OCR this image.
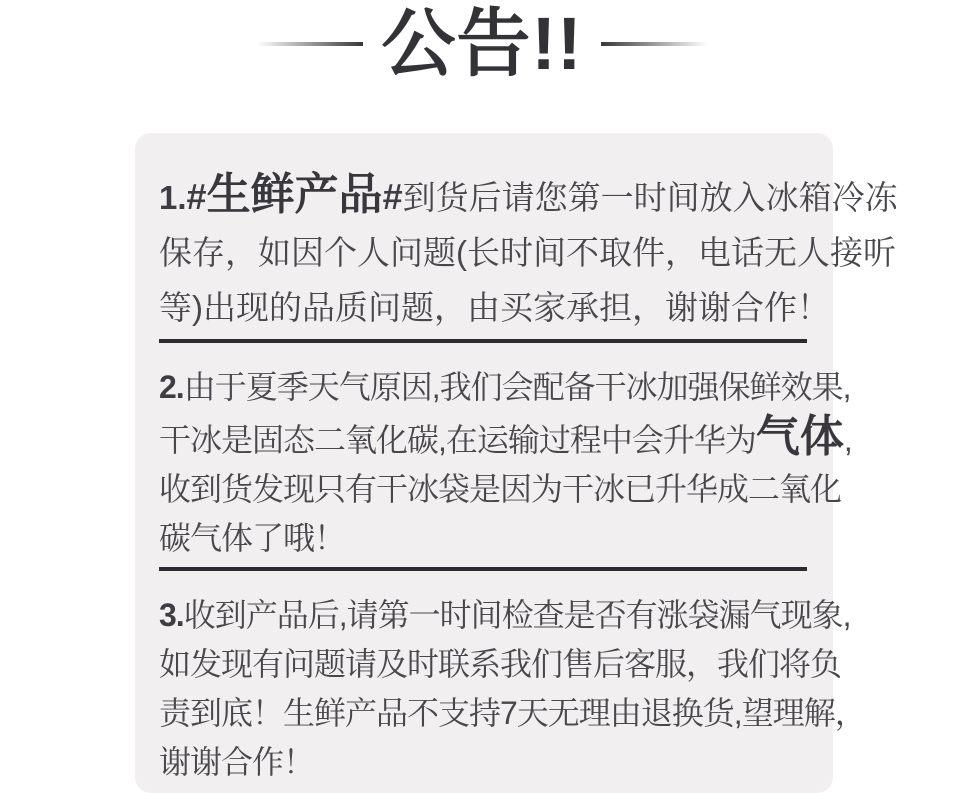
公告!!
1.#生鲜产品#到货后请您第一时间放入冰箱冷冻
保存，如因个人问题(长时间不取件，电话无人接听
等)出现的品质问题，由买家承担，谢谢合作！
2.由于夏季天气原因,我们会配备干冰加强保鲜效果,
干冰是固态二氧化碳,在运输过程中会升华为气体,
收到货发现只有干冰袋是因为干冰已升华成二氧化
碳气体了哦！
3.收到产品后,请第一时间检查是否有涨袋漏气现象,
如发现有问题请及时联系我们售后客服，我们将负
责到底！生鲜产品不支持7天无理由退换货,望理解，
谢谢合作！
